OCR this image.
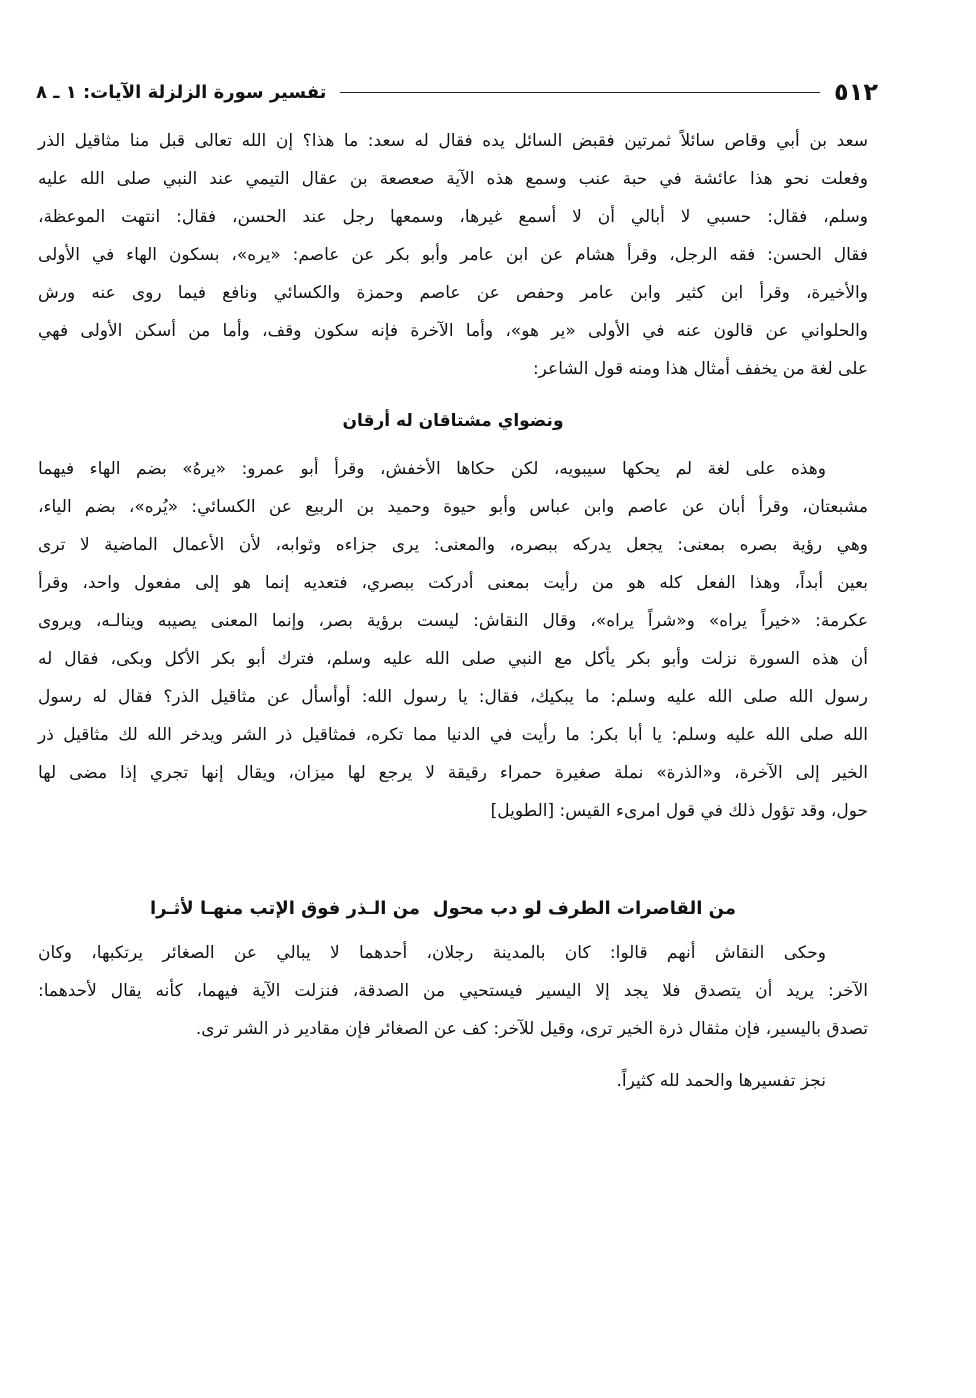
٥١٢
تفسير سورة الزلزلة الآيات: ١ ـ ٨
سعد بن أبي وقاص سائلاً ثمرتين فقبض السائل يده فقال له سعد: ما هذا؟ إن الله تعالى قبل منا مثاقيل الذر
وفعلت نحو هذا عائشة في حبة عنب وسمع هذه الآية صعصعة بن عقال التيمي عند النبي صلى الله عليه
وسلم، فقال: حسبي لا أبالي أن لا أسمع غيرها، وسمعها رجل عند الحسن، فقال: انتهت الموعظة،
فقال الحسن: فقه الرجل، وقرأ هشام عن ابن عامر وأبو بكر عن عاصم: «يره»، بسكون الهاء في الأولى
والأخيرة، وقرأ ابن كثير وابن عامر وحفص عن عاصم وحمزة والكسائي ونافع فيما روى عنه ورش
والحلواني عن قالون عنه في الأولى «ير هو»، وأما الآخرة فإنه سكون وقف، وأما من أسكن الأولى فهي
على لغة من يخفف أمثال هذا ومنه قول الشاعر:
ونضواي مشتاقان له أرقان
وهذه على لغة لم يحكها سيبويه، لكن حكاها الأخفش، وقرأ أبو عمرو: «يرهُ» بضم الهاء فيهما
مشبعتان، وقرأ أبان عن عاصم وابن عباس وأبو حيوة وحميد بن الربيع عن الكسائي: «يُره»، بضم الياء،
وهي رؤية بصره بمعنى: يجعل يدركه ببصره، والمعنى: يرى جزاءه وثوابه، لأن الأعمال الماضية لا ترى
بعين أبداً، وهذا الفعل كله هو من رأيت بمعنى أدركت ببصري، فتعديه إنما هو إلى مفعول واحد، وقرأ
عكرمة: «خيراً يراه» و«شراً يراه»، وقال النقاش: ليست برؤية بصر، وإنما المعنى يصيبه وينالـه، ويروى
أن هذه السورة نزلت وأبو بكر يأكل مع النبي صلى الله عليه وسلم، فترك أبو بكر الأكل وبكى، فقال له
رسول الله صلى الله عليه وسلم: ما يبكيك، فقال: يا رسول الله: أوأسأل عن مثاقيل الذر؟ فقال له رسول
الله صلى الله عليه وسلم: يا أبا بكر: ما رأيت في الدنيا مما تكره، فمثاقيل ذر الشر ويدخر الله لك مثاقيل ذر
الخير إلى الآخرة، و«الذرة» نملة صغيرة حمراء رقيقة لا يرجع لها ميزان، ويقال إنها تجري إذا مضى لها
حول، وقد تؤول ذلك في قول امرىء القيس: [الطويل]
من القاصرات الطرف لو دب محول
من الـذر فوق الإتب منهـا لأثـرا
وحكى النقاش أنهم قالوا: كان بالمدينة رجلان، أحدهما لا يبالي عن الصغائر يرتكبها، وكان
الآخر: يريد أن يتصدق فلا يجد إلا اليسير فيستحيي من الصدقة، فنزلت الآية فيهما، كأنه يقال لأحدهما:
تصدق باليسير، فإن مثقال ذرة الخير ترى، وقيل للآخر: كف عن الصغائر فإن مقادير ذر الشر ترى.
نجز تفسيرها والحمد لله كثيراً.
